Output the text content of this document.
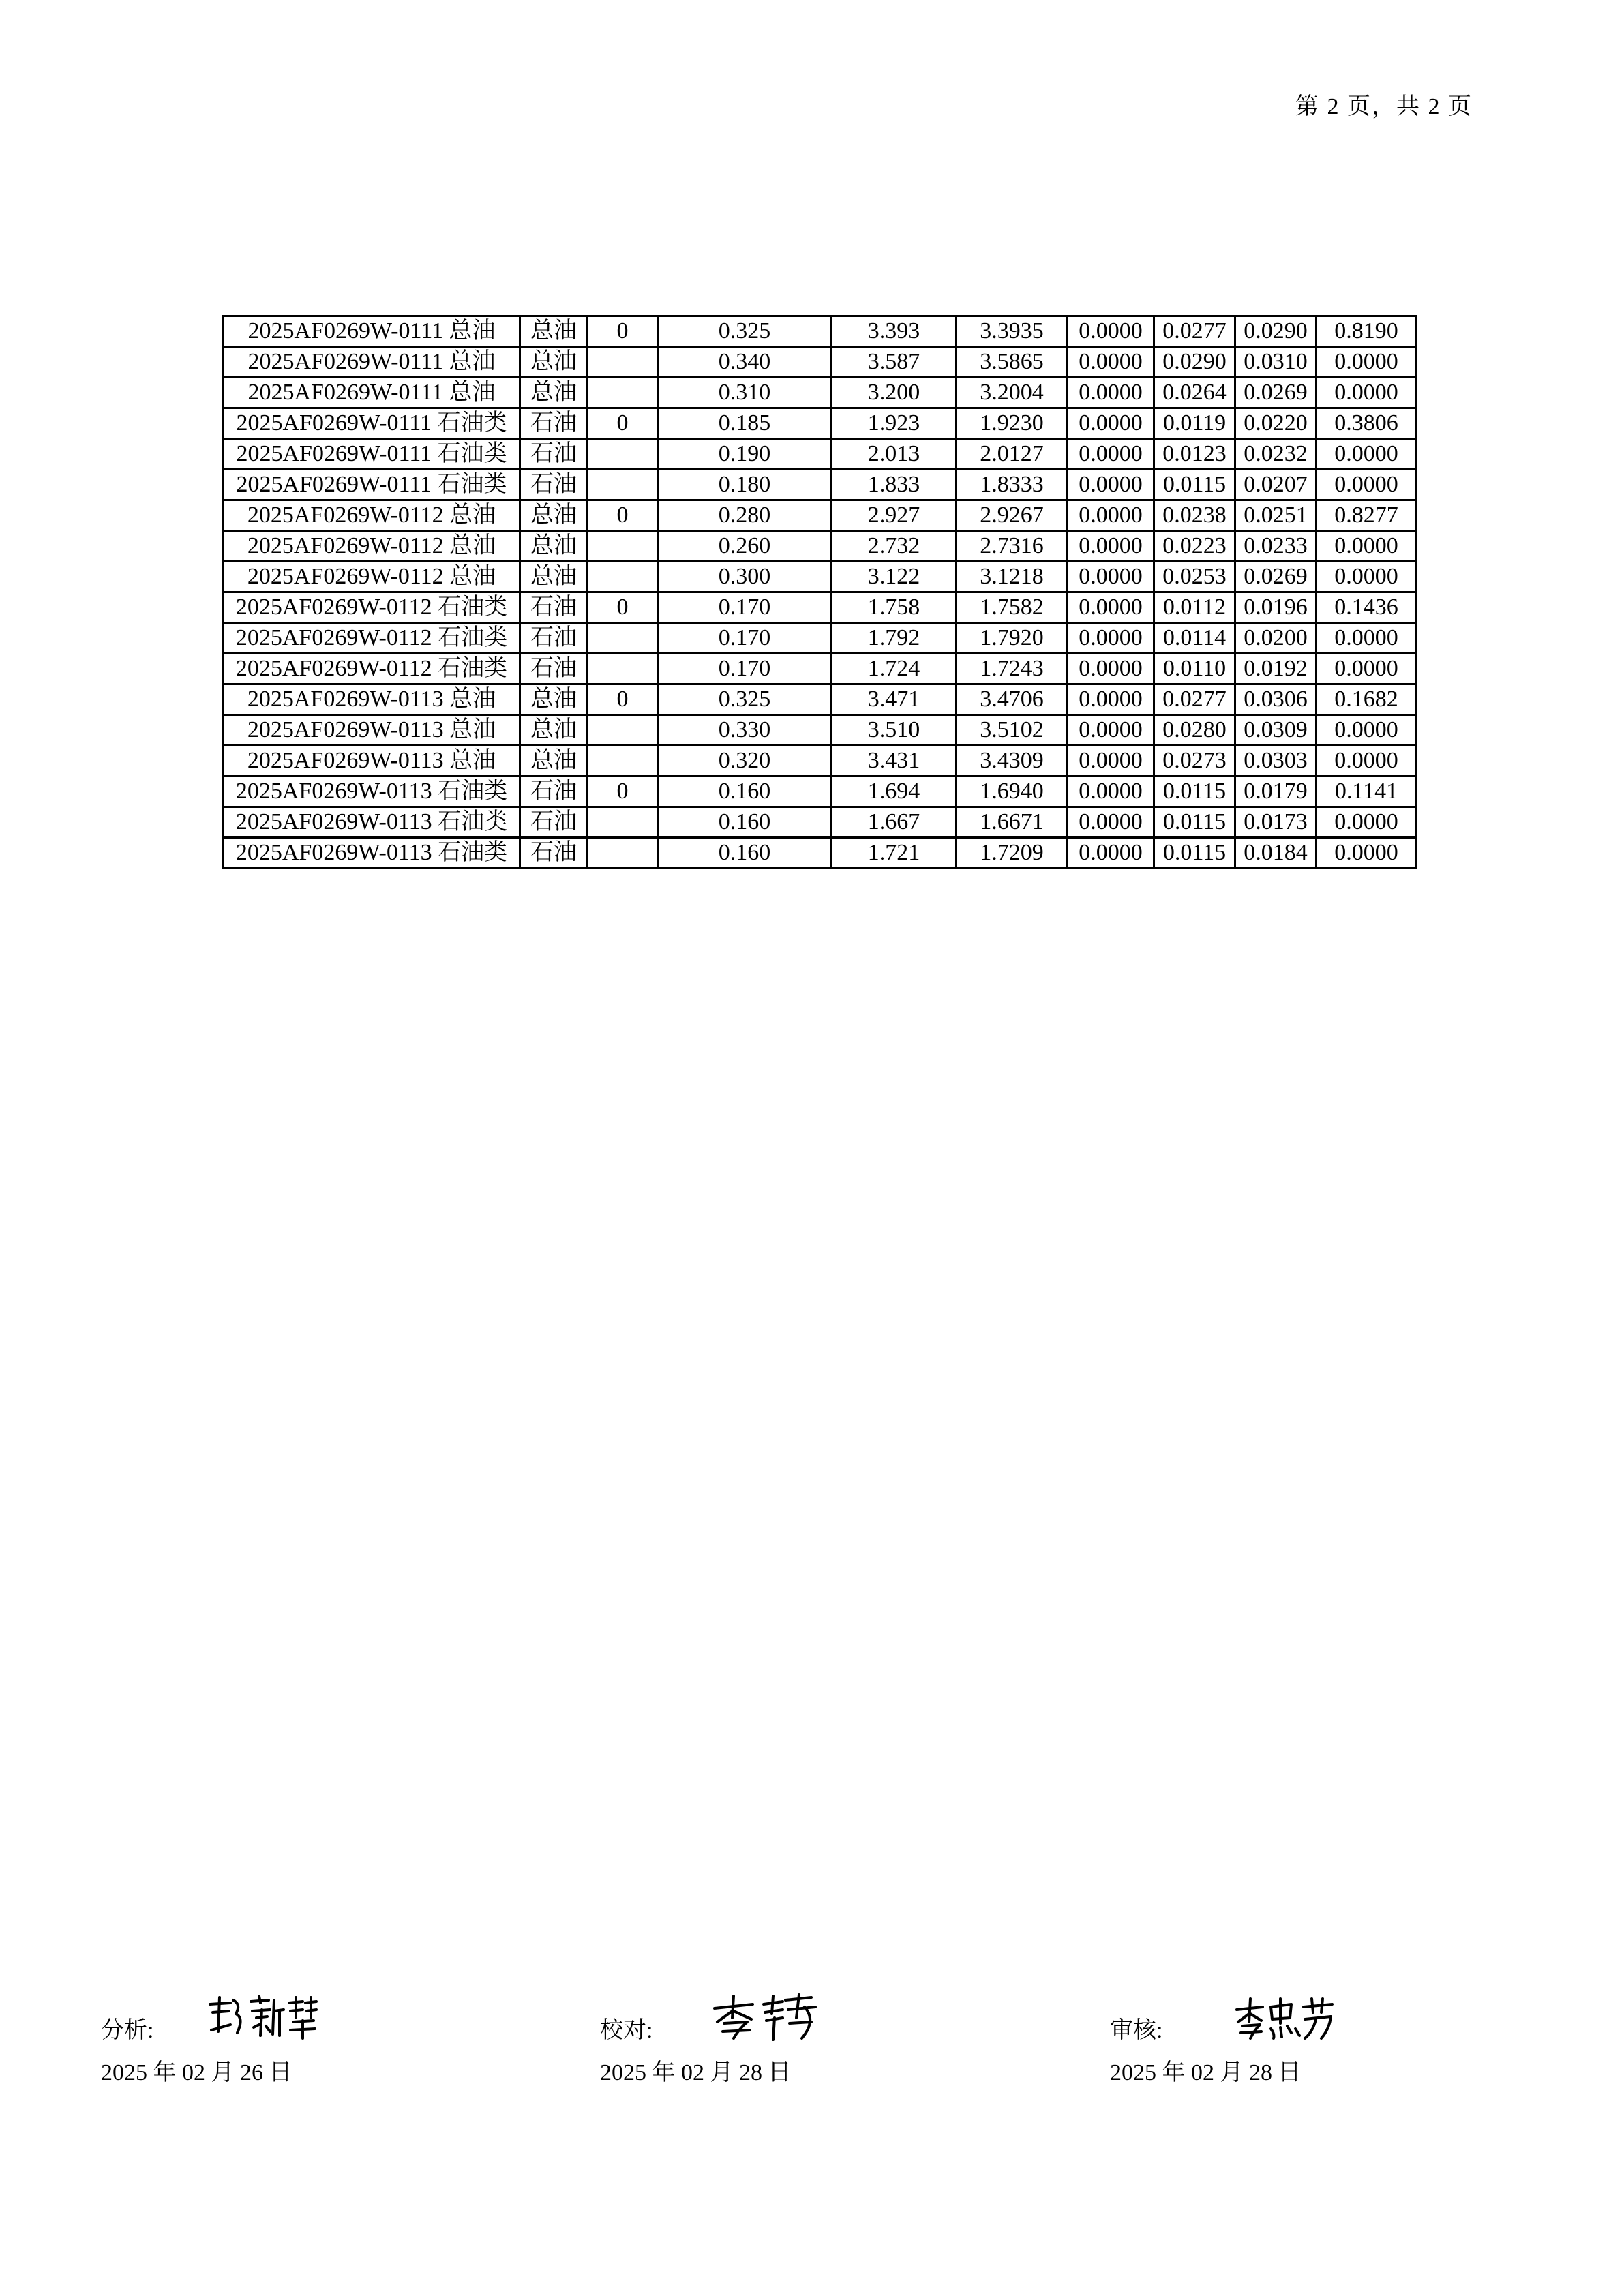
第 2 页，共 2 页
2025AF0269W-0111 总油	总油	0	0.325	3.393	3.3935	0.0000	0.0277	0.0290	0.8190
2025AF0269W-0111 总油	总油		0.340	3.587	3.5865	0.0000	0.0290	0.0310	0.0000
2025AF0269W-0111 总油	总油		0.310	3.200	3.2004	0.0000	0.0264	0.0269	0.0000
2025AF0269W-0111 石油类	石油	0	0.185	1.923	1.9230	0.0000	0.0119	0.0220	0.3806
2025AF0269W-0111 石油类	石油		0.190	2.013	2.0127	0.0000	0.0123	0.0232	0.0000
2025AF0269W-0111 石油类	石油		0.180	1.833	1.8333	0.0000	0.0115	0.0207	0.0000
2025AF0269W-0112 总油	总油	0	0.280	2.927	2.9267	0.0000	0.0238	0.0251	0.8277
2025AF0269W-0112 总油	总油		0.260	2.732	2.7316	0.0000	0.0223	0.0233	0.0000
2025AF0269W-0112 总油	总油		0.300	3.122	3.1218	0.0000	0.0253	0.0269	0.0000
2025AF0269W-0112 石油类	石油	0	0.170	1.758	1.7582	0.0000	0.0112	0.0196	0.1436
2025AF0269W-0112 石油类	石油		0.170	1.792	1.7920	0.0000	0.0114	0.0200	0.0000
2025AF0269W-0112 石油类	石油		0.170	1.724	1.7243	0.0000	0.0110	0.0192	0.0000
2025AF0269W-0113 总油	总油	0	0.325	3.471	3.4706	0.0000	0.0277	0.0306	0.1682
2025AF0269W-0113 总油	总油		0.330	3.510	3.5102	0.0000	0.0280	0.0309	0.0000
2025AF0269W-0113 总油	总油		0.320	3.431	3.4309	0.0000	0.0273	0.0303	0.0000
2025AF0269W-0113 石油类	石油	0	0.160	1.694	1.6940	0.0000	0.0115	0.0179	0.1141
2025AF0269W-0113 石油类	石油		0.160	1.667	1.6671	0.0000	0.0115	0.0173	0.0000
2025AF0269W-0113 石油类	石油		0.160	1.721	1.7209	0.0000	0.0115	0.0184	0.0000
分析:
2025 年 02 月 26 日
校对:
2025 年 02 月 28 日
审核:
2025 年 02 月 28 日
